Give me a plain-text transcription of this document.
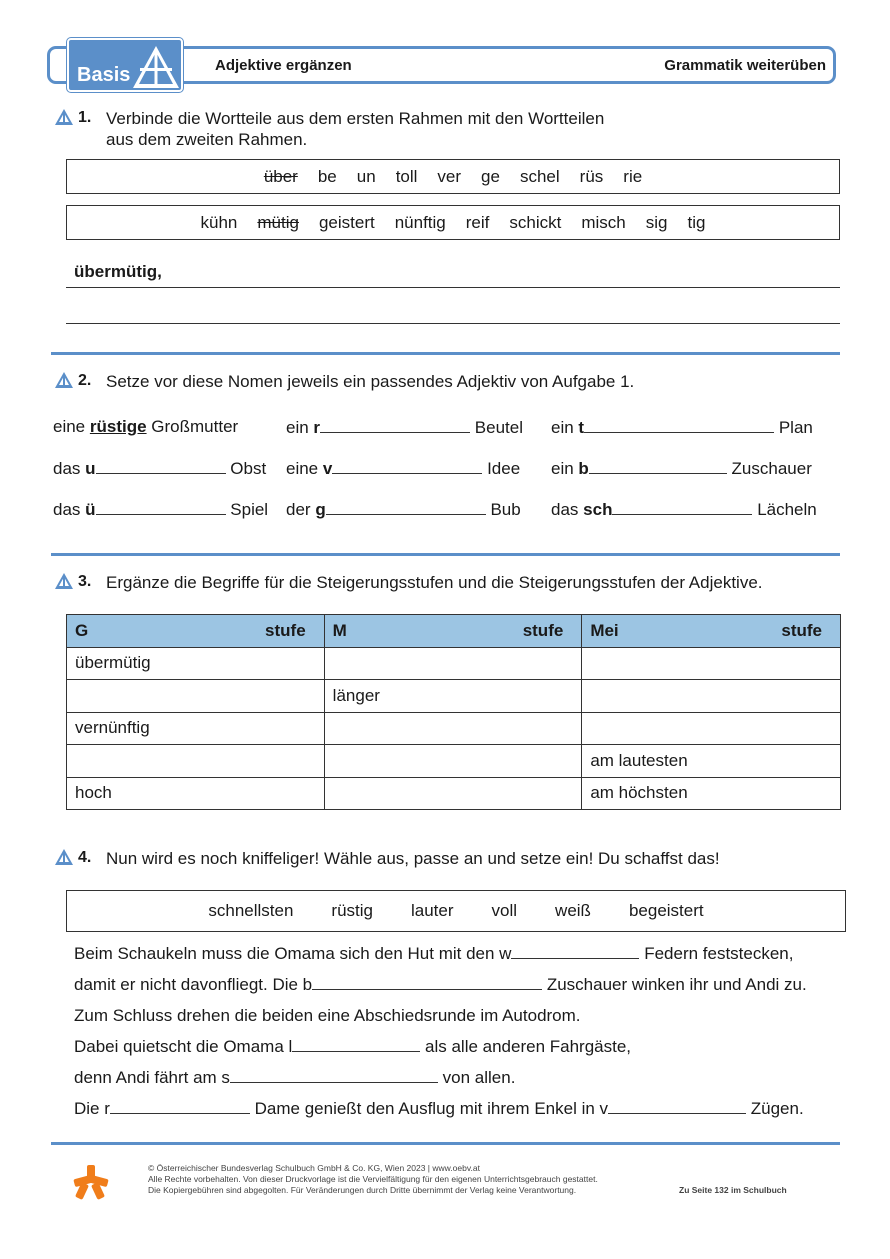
Basis	Adjektive ergänzen	Grammatik weiterüben
1. Verbinde die Wortteile aus dem ersten Rahmen mit den Wortteilen
aus dem zweiten Rahmen.
über be un toll ver ge schel rüs rie
kühn mütig geistert nünftig reif schickt misch sig tig
übermütig,
2. Setze vor diese Nomen jeweils ein passendes Adjektiv von Aufgabe 1.
eine rüstige Großmutter	ein r	Beutel ein t	Plan
das u	Obst eine v	Idee ein b	Zuschauer
das ü	Spiel der g	Bub das sch	Lächeln
3. Ergänze die Begriffe für die Steigerungsstufen und die Steigerungsstufen der Adjektive.
G stufe	M stufe	Mei stufe

übermütig		
	länger	
vernünftig		
		am lautesten
hoch		am höchsten
4. Nun wird es noch kniffeliger! Wähle aus, passe an und setze ein! Du schaffst das!
schnellsten rüstig lauter voll weiß begeistert
Beim Schaukeln muss die Omama sich den Hut mit den w	Federn feststecken,
damit er nicht davonfliegt. Die b	Zuschauer winken ihr und Andi zu.
Zum Schluss drehen die beiden eine Abschiedsrunde im Autodrom.
Dabei quietscht die Omama l	als alle anderen Fahrgäste,
denn Andi fährt am s	von allen.
Die r	Dame genießt den Ausflug mit ihrem Enkel in v	Zügen.
© Österreichischer Bundesverlag Schulbuch GmbH & Co. KG, Wien 2023 | www.oebv.at
Alle Rechte vorbehalten. Von dieser Druckvorlage ist die Vervielfältigung für den eigenen Unterrichtsgebrauch gestattet.
Die Kopiergebühren sind abgegolten. Für Veränderungen durch Dritte übernimmt der Verlag keine Verantwortung.	Zu Seite 132 im Schulbuch
